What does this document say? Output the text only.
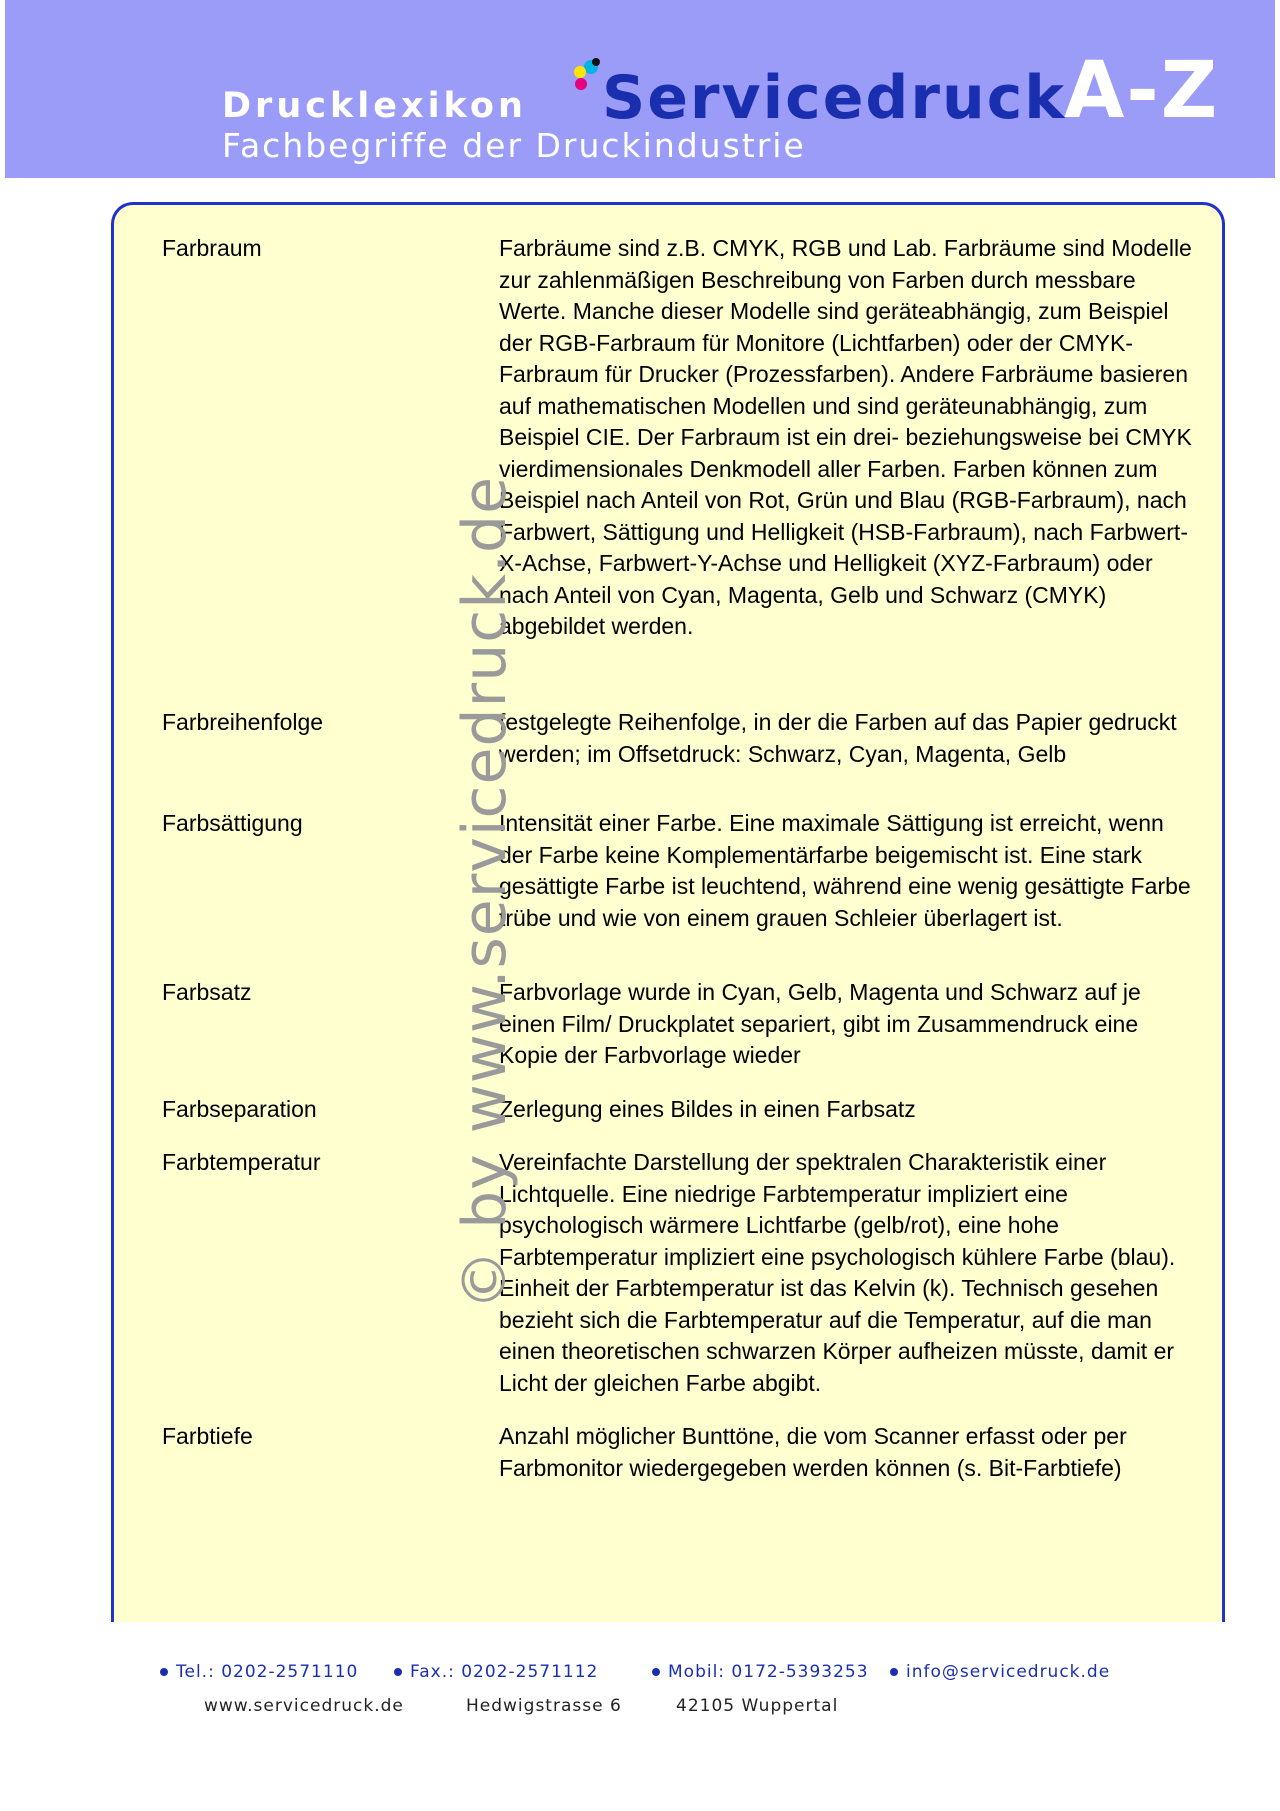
Drucklexikon
Fachbegriffe der Druckindustrie
Servicedruck
A-Z
Farbraum	Farbräume sind z.B. CMYK, RGB und Lab. Farbräume sind Modelle zur zahlenmäßigen Beschreibung von Farben durch messbare Werte. Manche dieser Modelle sind geräteabhängig, zum Beispiel der RGB-Farbraum für Monitore (Lichtfarben) oder der CMYK-Farbraum für Drucker (Prozessfarben). Andere Farbräume basieren auf mathematischen Modellen und sind geräteunabhängig, zum Beispiel CIE. Der Farbraum ist ein drei- beziehungsweise bei CMYK vierdimensionales Denkmodell aller Farben. Farben können zum Beispiel nach Anteil von Rot, Grün und Blau (RGB-Farbraum), nach Farbwert, Sättigung und Helligkeit (HSB-Farbraum), nach Farbwert-X-Achse, Farbwert-Y-Achse und Helligkeit (XYZ-Farbraum) oder nach Anteil von Cyan, Magenta, Gelb und Schwarz (CMYK) abgebildet werden.
Farbreihenfolge	festgelegte Reihenfolge, in der die Farben auf das Papier gedruckt werden; im Offsetdruck: Schwarz, Cyan, Magenta, Gelb
Farbsättigung	Intensität einer Farbe. Eine maximale Sättigung ist erreicht, wenn der Farbe keine Komplementärfarbe beigemischt ist. Eine stark gesättigte Farbe ist leuchtend, während eine wenig gesättigte Farbe trübe und wie von einem grauen Schleier überlagert ist.
Farbsatz	Farbvorlage wurde in Cyan, Gelb, Magenta und Schwarz auf je einen Film/ Druckplatet separiert, gibt im Zusammendruck eine Kopie der Farbvorlage wieder
Farbseparation	Zerlegung eines Bildes in einen Farbsatz
Farbtemperatur	Vereinfachte Darstellung der spektralen Charakteristik einer Lichtquelle. Eine niedrige Farbtemperatur impliziert eine psychologisch wärmere Lichtfarbe (gelb/rot), eine hohe Farbtemperatur impliziert eine psychologisch kühlere Farbe (blau). Einheit der Farbtemperatur ist das Kelvin (k). Technisch gesehen bezieht sich die Farbtemperatur auf die Temperatur, auf die man einen theoretischen schwarzen Körper aufheizen müsste, damit er Licht der gleichen Farbe abgibt.
Farbtiefe	Anzahl möglicher Bunttöne, die vom Scanner erfasst oder per Farbmonitor wiedergegeben werden können (s. Bit-Farbtiefe)
© by www.servicedruck.de
Tel.: 0202-2571110	Fax.: 0202-2571112	Mobil: 0172-5393253	info@servicedruck.de
www.servicedruck.de	Hedwigstrasse 6	42105 Wuppertal
